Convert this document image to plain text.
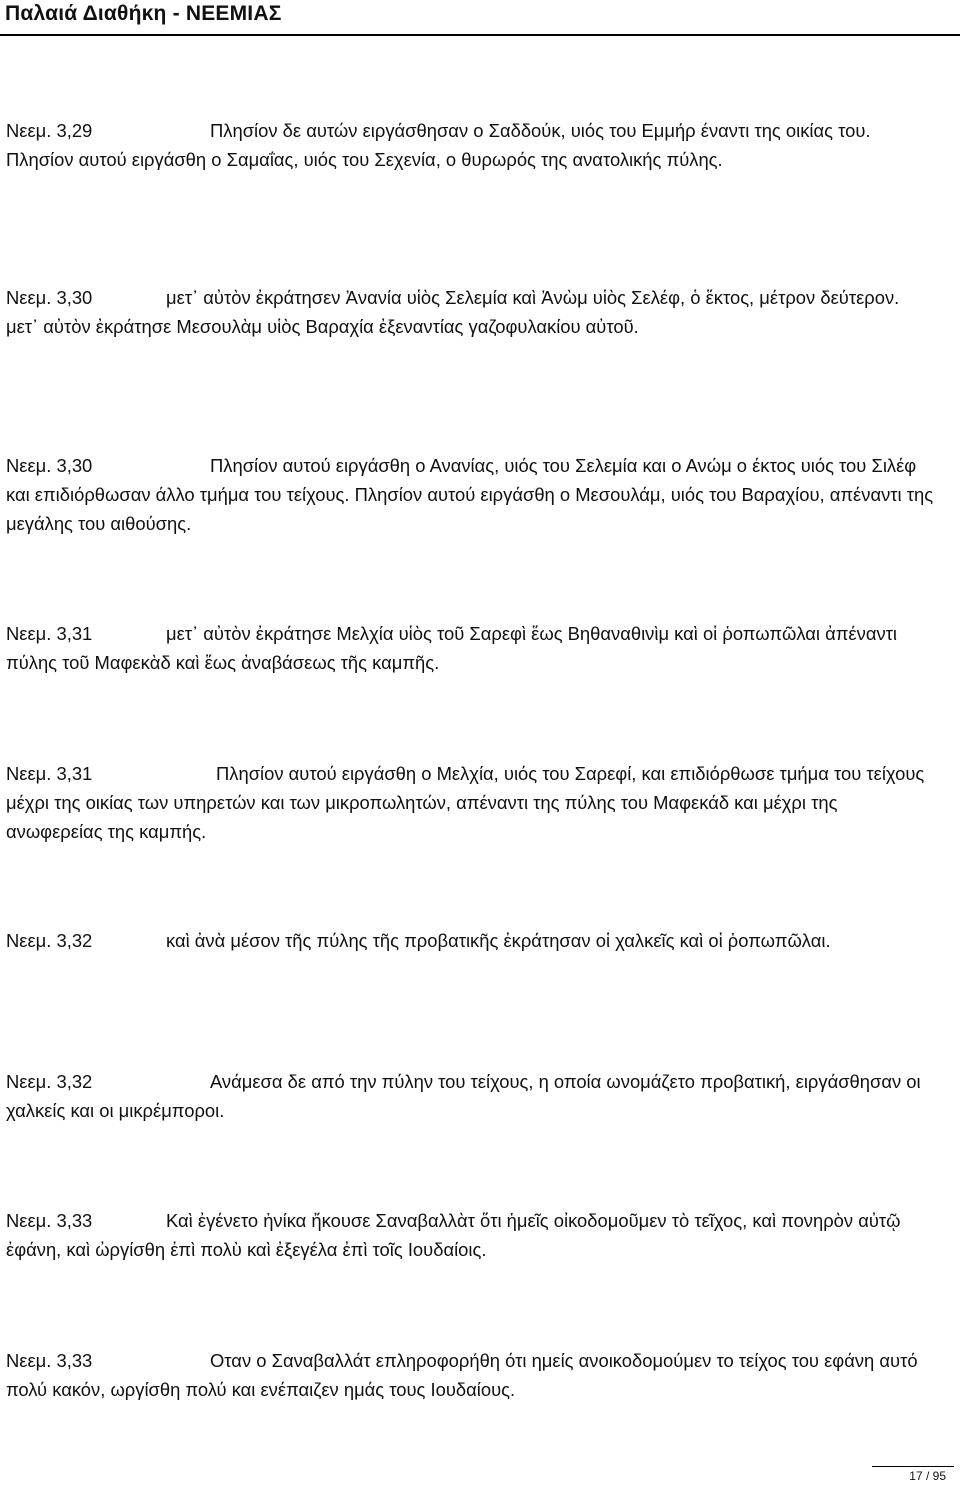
Παλαιά Διαθήκη - ΝΕΕΜΙΑΣ
Νεεμ. 3,29	Πλησίον δε αυτών ειργάσθησαν ο Σαδδούκ, υιός του Εμμήρ έναντι της οικίας του. Πλησίον αυτού ειργάσθη ο Σαμαΐας, υιός του Σεχενία, ο θυρωρός της ανατολικής πύλης.
Νεεμ. 3,30	μετ᾿ αὐτὸν ἐκράτησεν Ἀνανία υἱὸς Σελεμία καὶ Ἀνὼμ υἱὸς Σελέφ, ὁ ἕκτος, μέτρον δεύτερον. μετ᾿ αὐτὸν ἐκράτησε Μεσουλὰμ υἱὸς Βαραχία ἐξεναντίας γαζοφυλακίου αὐτοῦ.
Νεεμ. 3,30	Πλησίον αυτού ειργάσθη ο Ανανίας, υιός του Σελεμία και ο Ανώμ ο έκτος υιός του Σιλέφ και επιδιόρθωσαν άλλο τμήμα του τείχους. Πλησίον αυτού ειργάσθη ο Μεσουλάμ, υιός του Βαραχίου, απέναντι της μεγάλης του αιθούσης.
Νεεμ. 3,31	μετ᾿ αὐτὸν ἐκράτησε Μελχία υἱὸς τοῦ Σαρεφὶ ἕως Βηθαναθινὶμ καὶ οἱ ῥοπωπῶλαι ἀπέναντι πύλης τοῦ Μαφεκὰδ καὶ ἕως ἀναβάσεως τῆς καμπῆς.
Νεεμ. 3,31	Πλησίον αυτού ειργάσθη ο Μελχία, υιός του Σαρεφί, και επιδιόρθωσε τμήμα του τείχους μέχρι της οικίας των υπηρετών και των μικροπωλητών, απέναντι της πύλης του Μαφεκάδ και μέχρι της ανωφερείας της καμπής.
Νεεμ. 3,32	καὶ ἀνὰ μέσον τῆς πύλης τῆς προβατικῆς ἐκράτησαν οἱ χαλκεῖς καὶ οἱ ῥοπωπῶλαι.
Νεεμ. 3,32	Ανάμεσα δε από την πύλην του τείχους, η οποία ωνομάζετο προβατική, ειργάσθησαν οι χαλκείς και οι μικρέμποροι.
Νεεμ. 3,33	Καὶ ἐγένετο ἡνίκα ἤκουσε Σαναβαλλὰτ ὅτι ἡμεῖς οἰκοδομοῦμεν τὸ τεῖχος, καὶ πονηρὸν αὐτῷ ἐφάνη, καὶ ὠργίσθη ἐπὶ πολὺ καὶ ἐξεγέλα ἐπὶ τοῖς Ιουδαίοις.
Νεεμ. 3,33	Οταν ο Σαναβαλλάτ επληροφορήθη ότι ημείς ανοικοδομούμεν το τείχος του εφάνη αυτό πολύ κακόν, ωργίσθη πολύ και ενέπαιζεν ημάς τους Ιουδαίους.
17 / 95
